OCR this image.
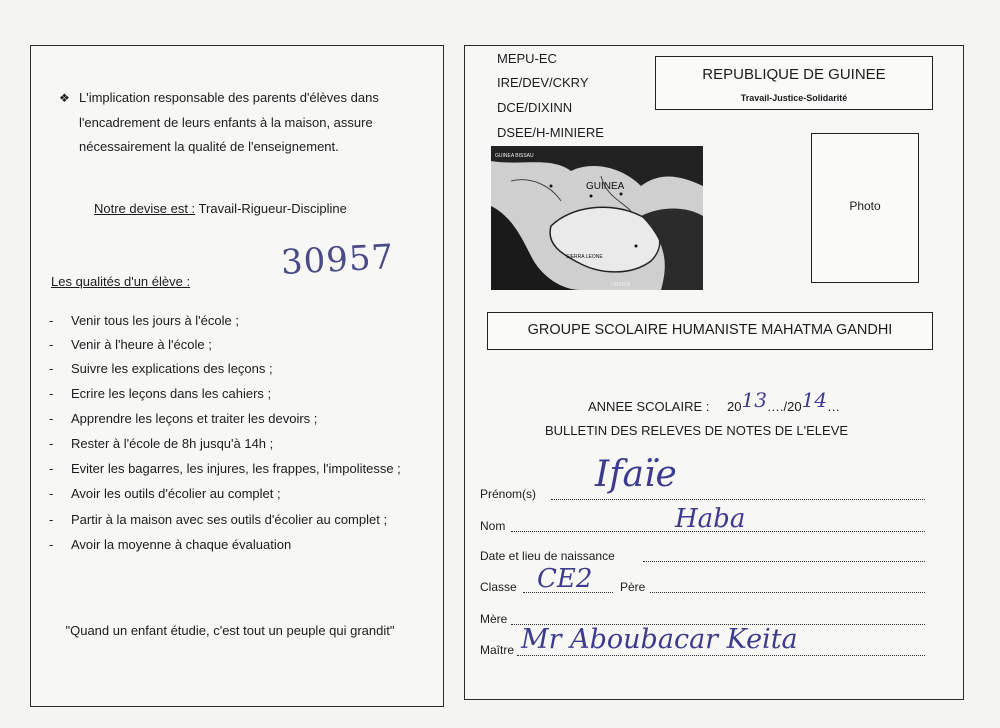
❖ L'implication responsable des parents d'élèves dans
l'encadrement de leurs enfants à la maison, assure
nécessairement la qualité de l'enseignement.
Notre devise est : Travail-Rigueur-Discipline
30957
Les qualités d'un élève :
- Venir tous les jours à l'école ;
- Venir à l'heure à l'école ;
- Suivre les explications des leçons ;
- Ecrire les leçons dans les cahiers ;
- Apprendre les leçons et traiter les devoirs ;
- Rester à l'école de 8h jusqu'à 14h ;
- Eviter les bagarres, les injures, les frappes, l'impolitesse ;
- Avoir les outils d'écolier au complet ;
- Partir à la maison avec ses outils d'écolier au complet ;
- Avoir la moyenne à chaque évaluation
"Quand un enfant étudie, c'est tout un peuple qui grandit"
MEPU-EC
IRE/DEV/CKRY
DCE/DIXINN
DSEE/H-MINIERE
REPUBLIQUE DE GUINEE
Travail-Justice-Solidarité
GUINEA
GUINEA BISSAU
SIERRA LEONE
LIBERIA
Photo
GROUPE SCOLAIRE HUMANISTE MAHATMA GANDHI
ANNEE SCOLAIRE : 2013…./2014…
BULLETIN DES RELEVES DE NOTES DE L'ELEVE
Prénom(s) Ifaïe
Nom	Haba
Date et lieu de naissance
Classe CE2 Père
Mère
Maître Mr Aboubacar Keita
